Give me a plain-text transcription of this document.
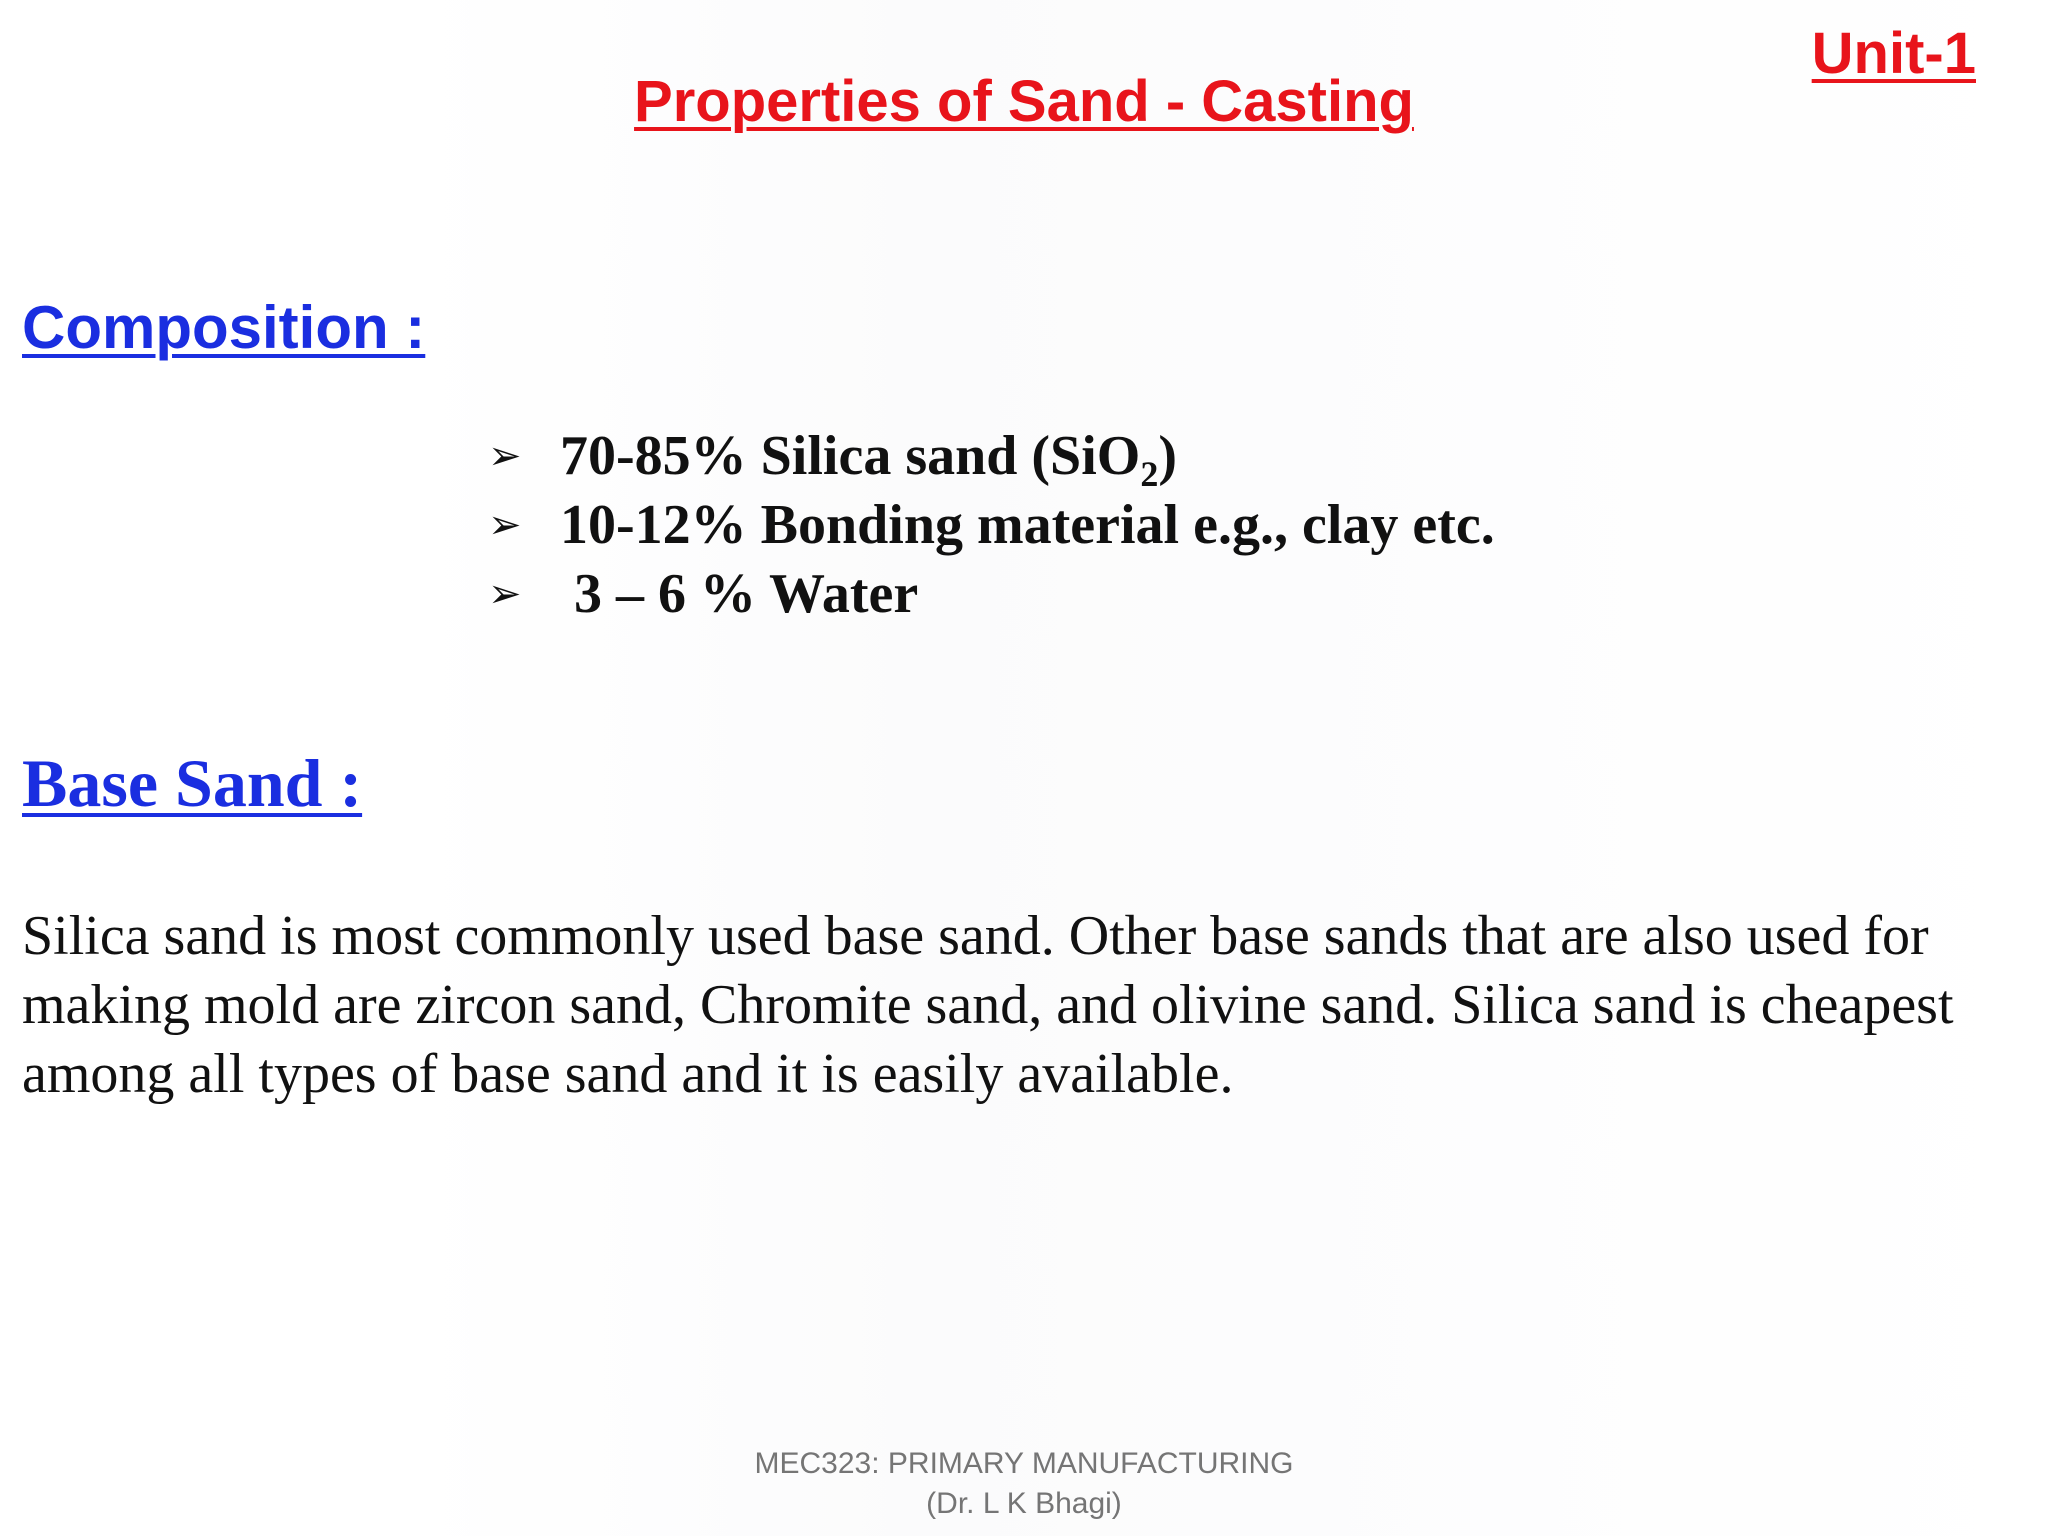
Unit-1
Properties of Sand - Casting
Composition :
➢ 70-85% Silica sand (SiO$_2$)
➢ 10-12% Bonding material e.g., clay etc.
➢ 3 – 6 % Water
Base Sand :

Silica sand is most commonly used base sand. Other base sands that are also used for making mold are zircon sand, Chromite sand, and olivine sand. Silica sand is cheapest among all types of base sand and it is easily available.

MEC323: PRIMARY MANUFACTURING
(Dr. L K Bhagi)
